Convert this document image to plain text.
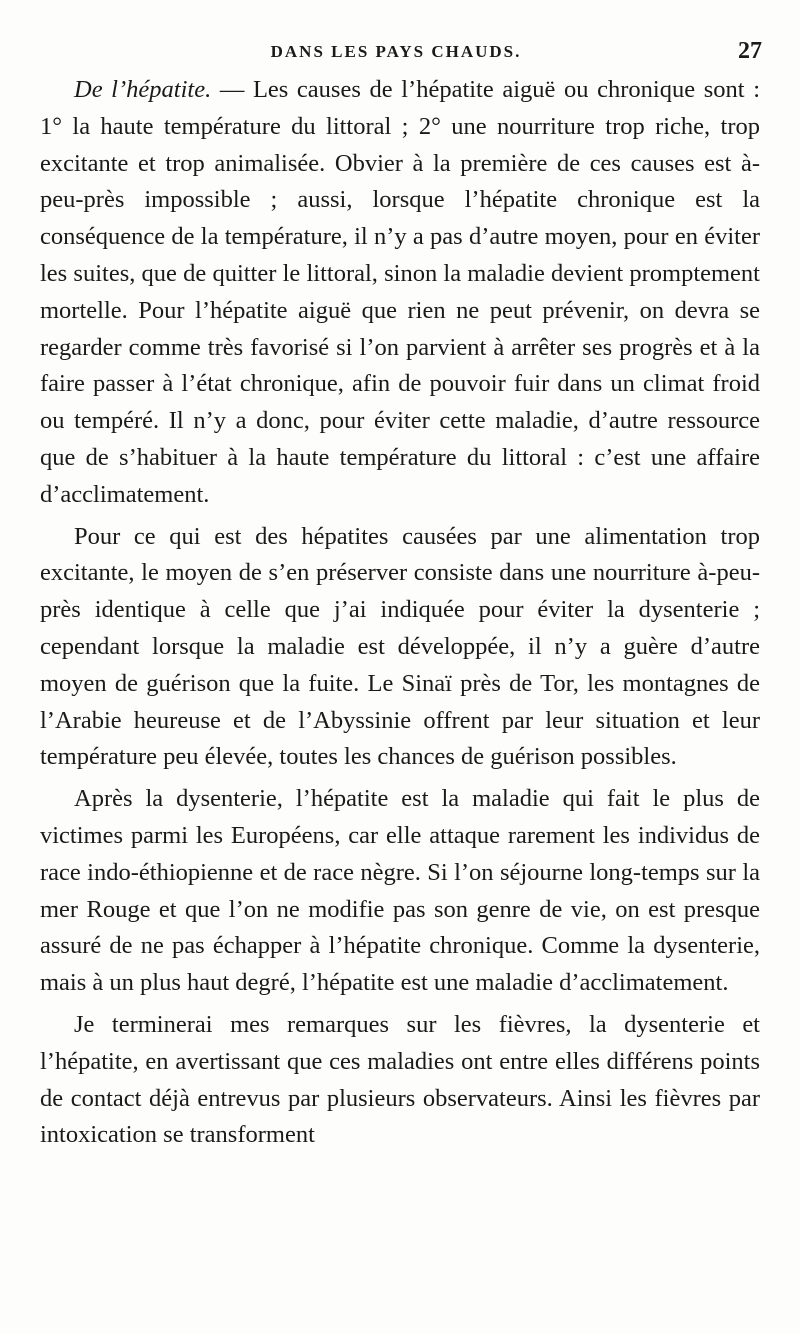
DANS LES PAYS CHAUDS.	27

De l’hépatite. — Les causes de l’hépatite aiguë ou chronique sont : 1° la haute température du littoral ; 2° une nourriture trop riche, trop excitante et trop animalisée. Obvier à la première de ces causes est à-peu-près impossible ; aussi, lorsque l’hépatite chronique est la conséquence de la température, il n’y a pas d’autre moyen, pour en éviter les suites, que de quitter le littoral, sinon la maladie devient promptement mortelle. Pour l’hépatite aiguë que rien ne peut prévenir, on devra se regarder comme très favorisé si l’on parvient à arrêter ses progrès et à la faire passer à l’état chronique, afin de pouvoir fuir dans un climat froid ou tempéré. Il n’y a donc, pour éviter cette maladie, d’autre ressource que de s’habituer à la haute température du littoral : c’est une affaire d’acclimatement.

Pour ce qui est des hépatites causées par une alimentation trop excitante, le moyen de s’en préserver consiste dans une nourriture à-peu-près identique à celle que j’ai indiquée pour éviter la dysenterie ; cependant lorsque la maladie est développée, il n’y a guère d’autre moyen de guérison que la fuite. Le Sinaï près de Tor, les montagnes de l’Arabie heureuse et de l’Abyssinie offrent par leur situation et leur température peu élevée, toutes les chances de guérison possibles.

Après la dysenterie, l’hépatite est la maladie qui fait le plus de victimes parmi les Européens, car elle attaque rarement les individus de race indo-éthiopienne et de race nègre. Si l’on séjourne long-temps sur la mer Rouge et que l’on ne modifie pas son genre de vie, on est presque assuré de ne pas échapper à l’hépatite chronique. Comme la dysenterie, mais à un plus haut degré, l’hépatite est une maladie d’acclimatement.

Je terminerai mes remarques sur les fièvres, la dysenterie et l’hépatite, en avertissant que ces maladies ont entre elles différens points de contact déjà entrevus par plusieurs observateurs. Ainsi les fièvres par intoxication se transforment
